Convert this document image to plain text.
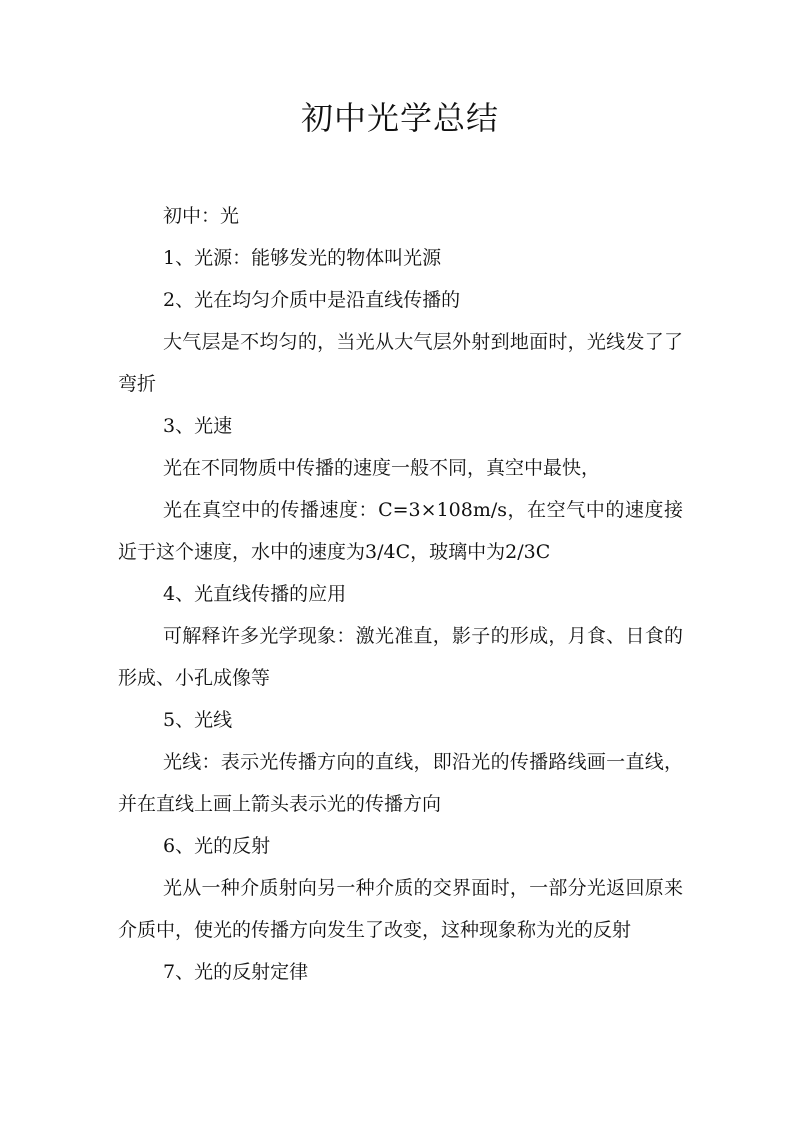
初中光学总结

初中：光

1、光源：能够发光的物体叫光源

2、光在均匀介质中是沿直线传播的

大气层是不均匀的，当光从大气层外射到地面时，光线发了了弯折

3、光速

光在不同物质中传播的速度一般不同，真空中最快，

光在真空中的传播速度：C=3×108m/s，在空气中的速度接近于这个速度，水中的速度为3/4C，玻璃中为2/3C

4、光直线传播的应用

可解释许多光学现象：激光准直，影子的形成，月食、日食的形成、小孔成像等

5、光线

光线：表示光传播方向的直线，即沿光的传播路线画一直线，并在直线上画上箭头表示光的传播方向

6、光的反射

光从一种介质射向另一种介质的交界面时，一部分光返回原来介质中，使光的传播方向发生了改变，这种现象称为光的反射

7、光的反射定律
